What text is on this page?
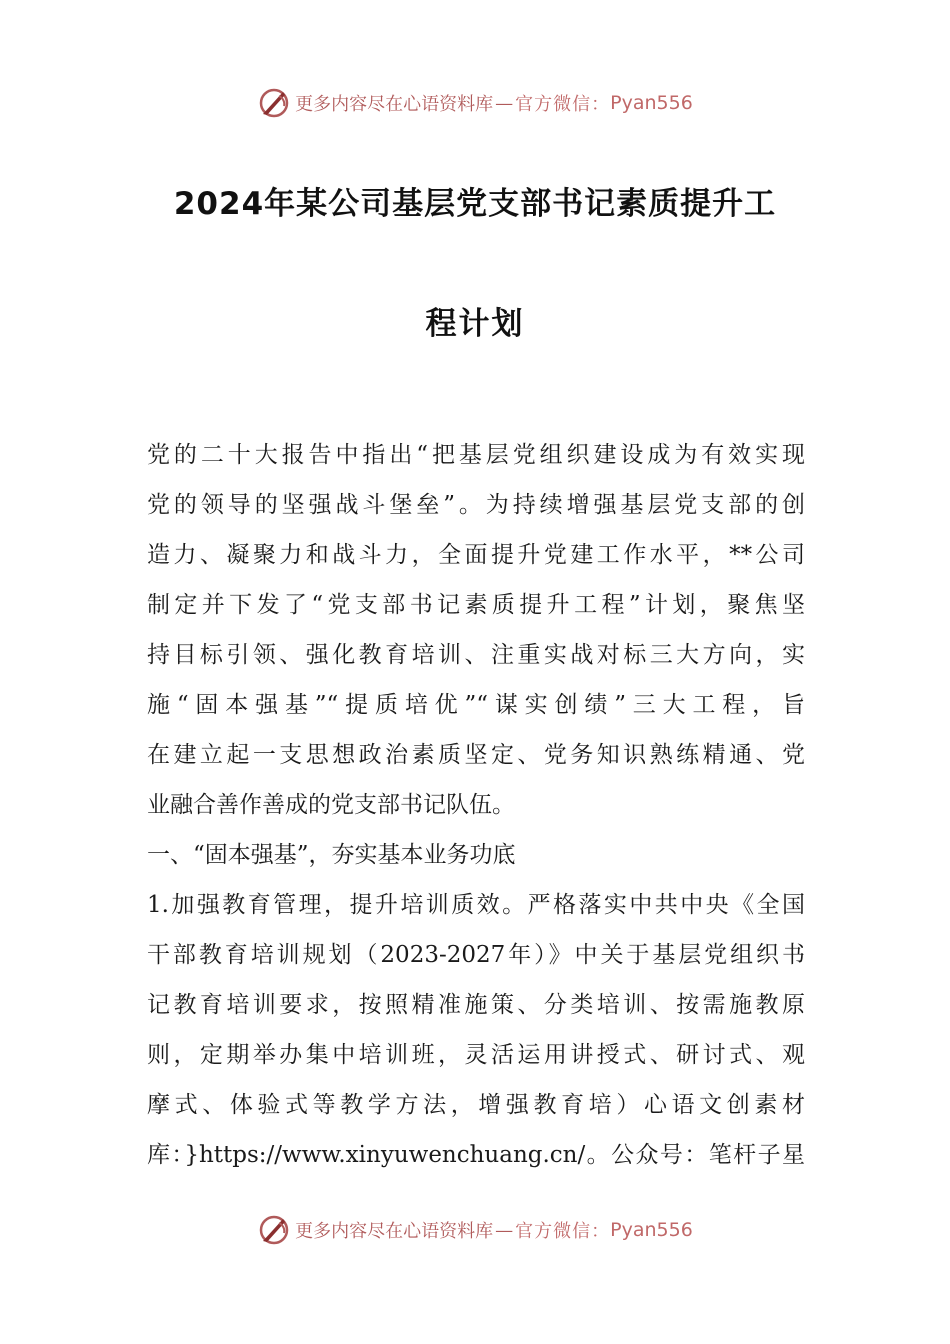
更多内容尽在心语资料库 — 官方微信： Pyan556
2024年某公司基层党支部书记素质提升工
程计划
党的二十大报告中指出“把基层党组织建设成为有效实现
党的领导的坚强战斗堡垒”。为持续增强基层党支部的创
造力、凝聚力和战斗力，全面提升党建工作水平，**公司
制定并下发了“党支部书记素质提升工程”计划，聚焦坚
持目标引领、强化教育培训、注重实战对标三大方向，实
施“固本强基”“提质培优”“谋实创绩”三大工程，旨
在建立起一支思想政治素质坚定、党务知识熟练精通、党
业融合善作善成的党支部书记队伍。
一、“固本强基”，夯实基本业务功底
1.加强教育管理，提升培训质效。严格落实中共中央《全国
干部教育培训规划（2023-2027年）》中关于基层党组织书
记教育培训要求，按照精准施策、分类培训、按需施教原
则，定期举办集中培训班，灵活运用讲授式、研讨式、观
摩式、体验式等教学方法，增强教育培）心语文创素材
库：}https://www.xinyuwenchuang.cn/。公众号：笔杆子星
更多内容尽在心语资料库 — 官方微信： Pyan556
